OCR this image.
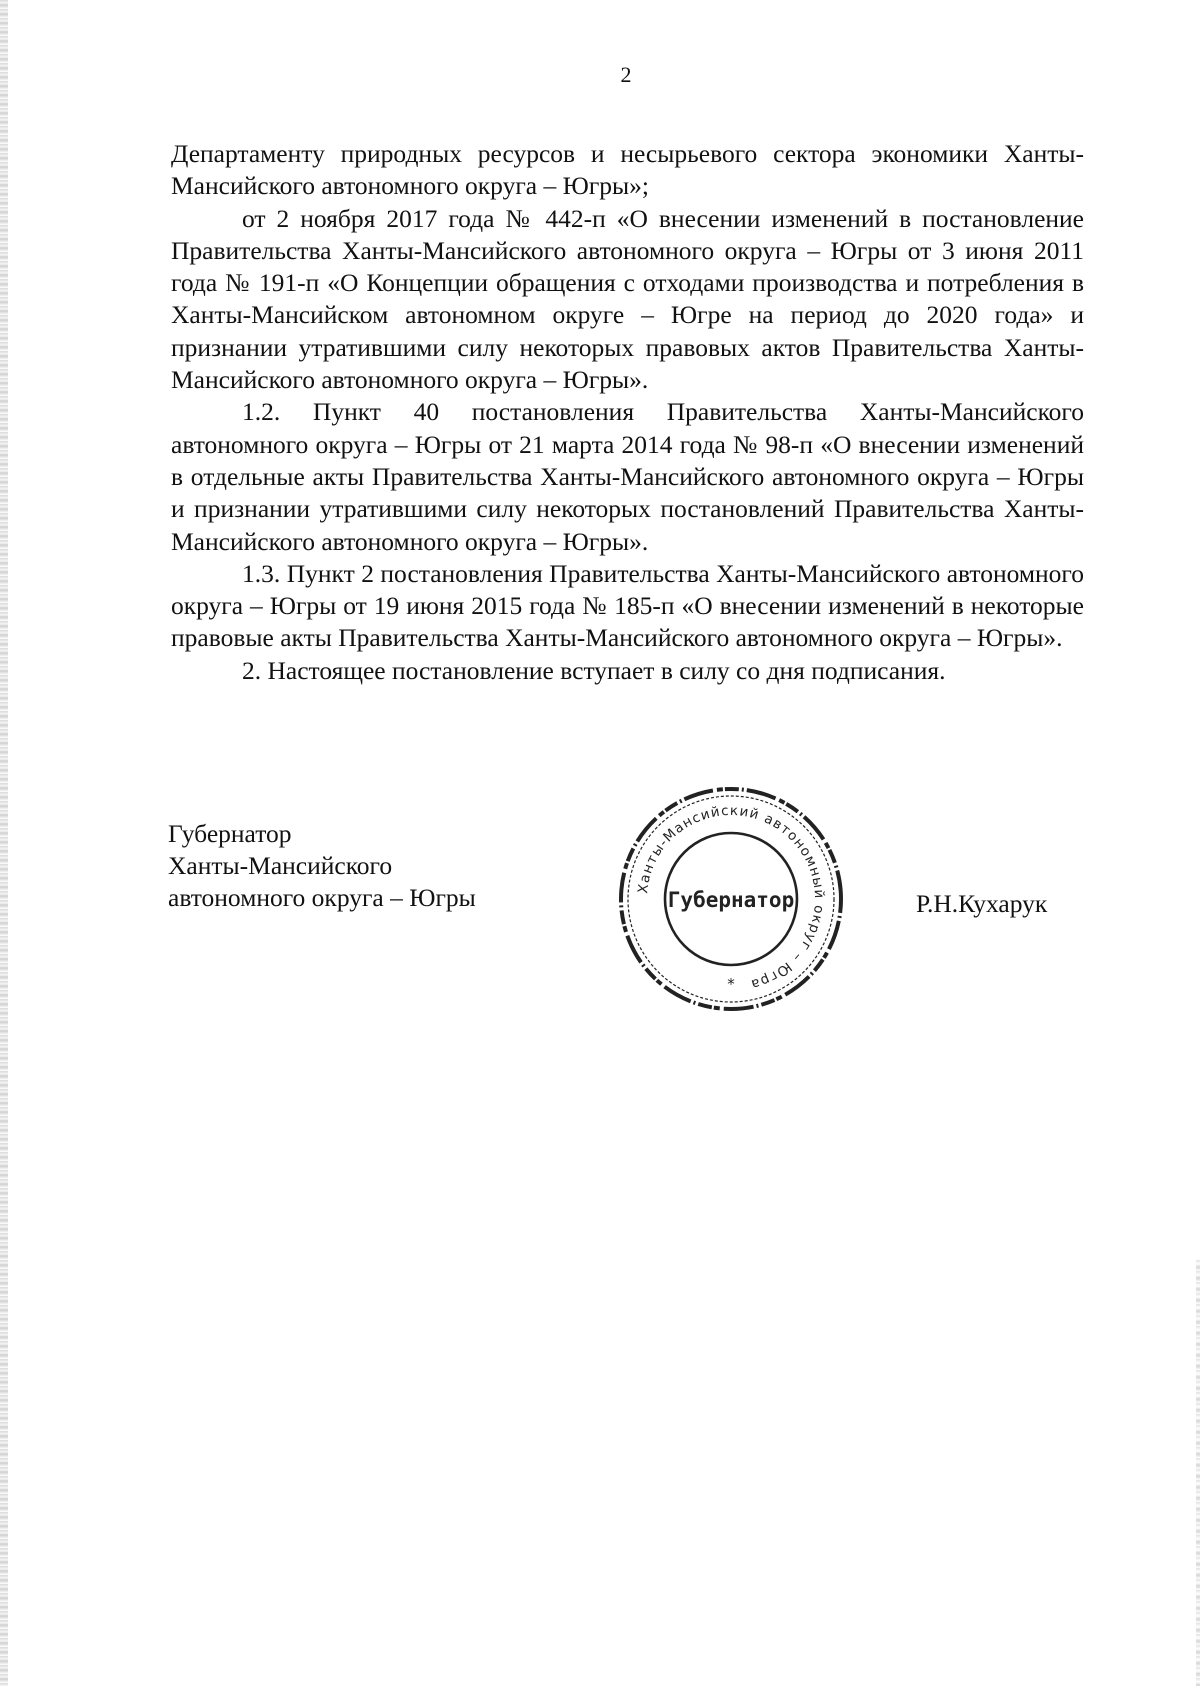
2

Департаменту природных ресурсов и несырьевого сектора экономики Ханты-Мансийского автономного округа – Югры»;

от 2 ноября 2017 года № 442-п «О внесении изменений в постановление Правительства Ханты-Мансийского автономного округа – Югры от 3 июня 2011 года № 191-п «О Концепции обращения с отходами производства и потребления в Ханты-Мансийском автономном округе – Югре на период до 2020 года» и признании утратившими силу некоторых правовых актов Правительства Ханты-Мансийского автономного округа – Югры».

1.2. Пункт 40 постановления Правительства Ханты-Мансийского автономного округа – Югры от 21 марта 2014 года № 98-п «О внесении изменений в отдельные акты Правительства Ханты-Мансийского автономного округа – Югры и признании утратившими силу некоторых постановлений Правительства Ханты-Мансийского автономного округа – Югры».

1.3. Пункт 2 постановления Правительства Ханты-Мансийского автономного округа – Югры от 19 июня 2015 года № 185-п «О внесении изменений в некоторые правовые акты Правительства Ханты-Мансийского автономного округа – Югры».

2. Настоящее постановление вступает в силу со дня подписания.

Губернатор
Ханты-Мансийского
автономного округа – Югры	Ханты-Мансийский автономный округ – Югра
Губернатор
*
Р.Н.Кухарук
